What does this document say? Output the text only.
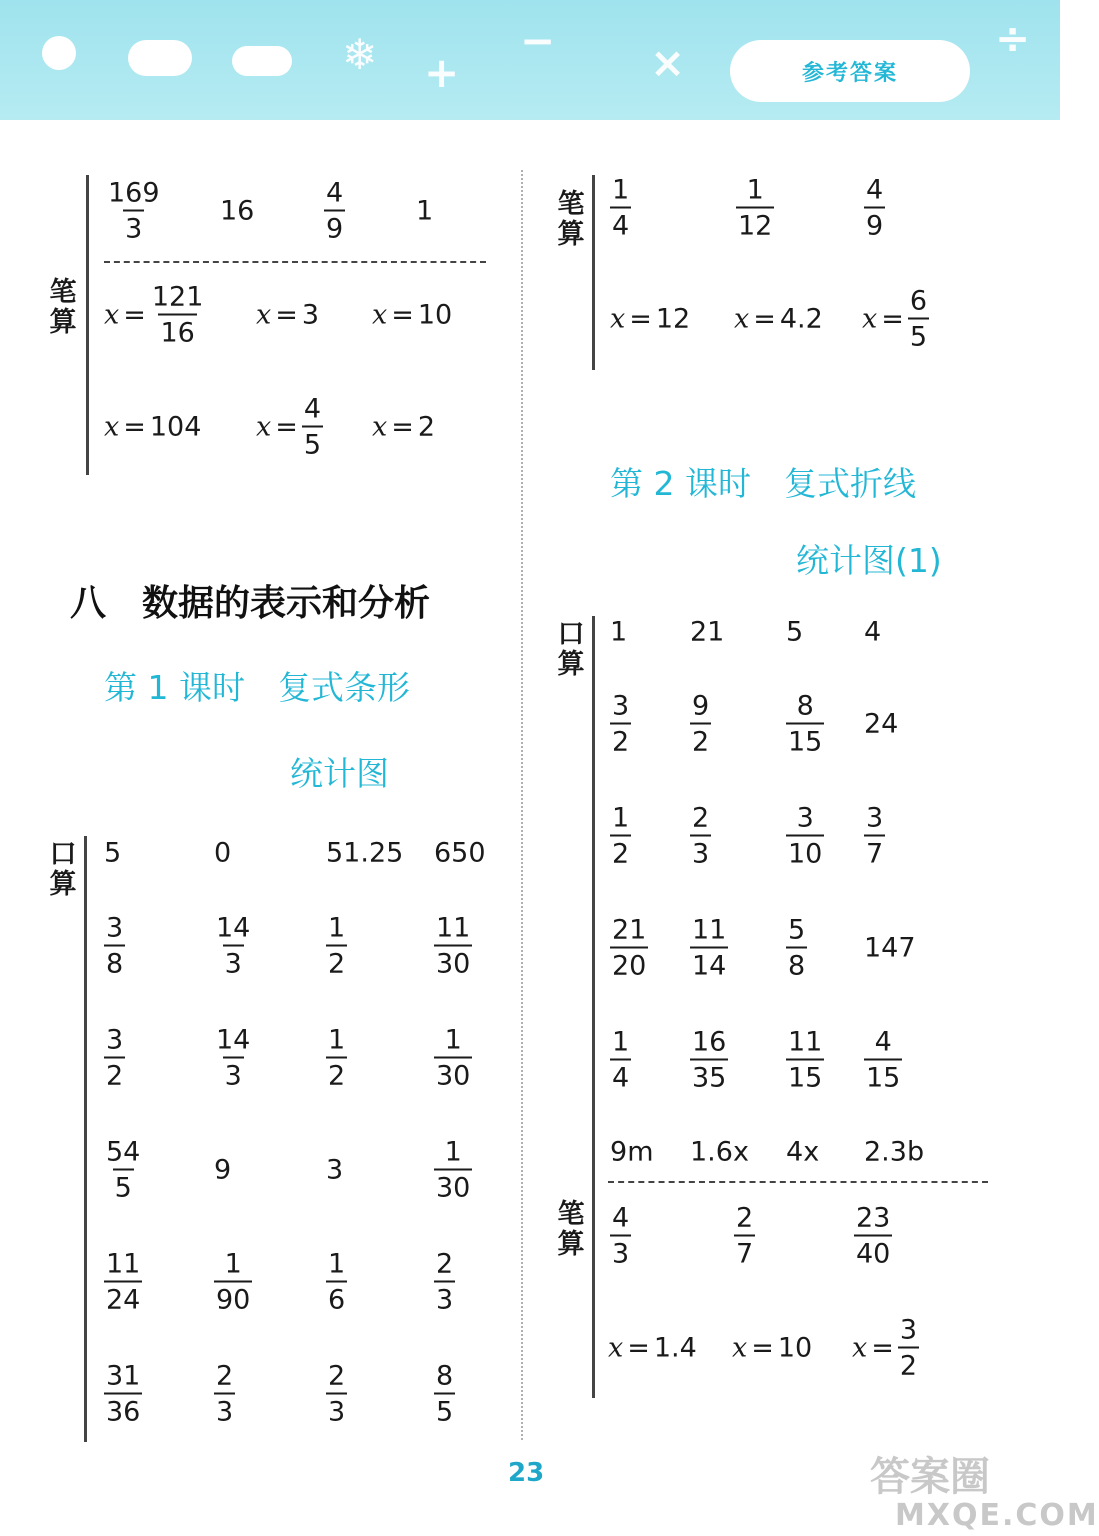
❄ +
− ×	÷
参考答案
笔算
$\frac{169}{3} 16$	$\frac{4}{9}$	1
$x = \frac{121}{16}$ x = 3 x = 10
x = 104 $x = \frac{4}{5}$ x = 2
八　数据的表示和分析
第 1 课时　复式条形
统计图
口算
5	0	51.25 650
$\frac{3}{8}$	$\frac{14}{3}$	$\frac{1}{2}$	$\frac{11}{30}$
$\frac{3}{2}$	$\frac{14}{3}$	$\frac{1}{2}$	$\frac{1}{30}$
$\frac{54}{5}$	9	3	$\frac{1}{30}$
$\frac{11}{24}$	$\frac{1}{90}$	$\frac{1}{6}$	$\frac{2}{3}$
$\frac{31}{36}$	$\frac{2}{3}$	$\frac{2}{3}$	$\frac{8}{5}$
笔算 $\frac{1}{4}$	$\frac{1}{12}$	$\frac{4}{9}$
x = 12 x = 4.2 $x = \frac{6}{5}$
第 2 课时　复式折线
统计图(1)
口算
笔算
1 21 5 4
$\frac{3}{2} \frac{9}{2}$	$\frac{8}{15} 24$
$\frac{1}{2} \frac{2}{3}$	$\frac{3}{10} \frac{3}{7}$
$\frac{21}{20} \frac{11}{14} \frac{5}{8} 147$
$\frac{1}{4} \frac{16}{35} \frac{11}{15} \frac{4}{15}$
9m 1.6x 4x 2.3b
$\frac{4}{3}$	$\frac{2}{7}$	$\frac{23}{40}$
x = 1.4 x = 10 $x = \frac{3}{2}$
23	答案圈
MXQE.COM
